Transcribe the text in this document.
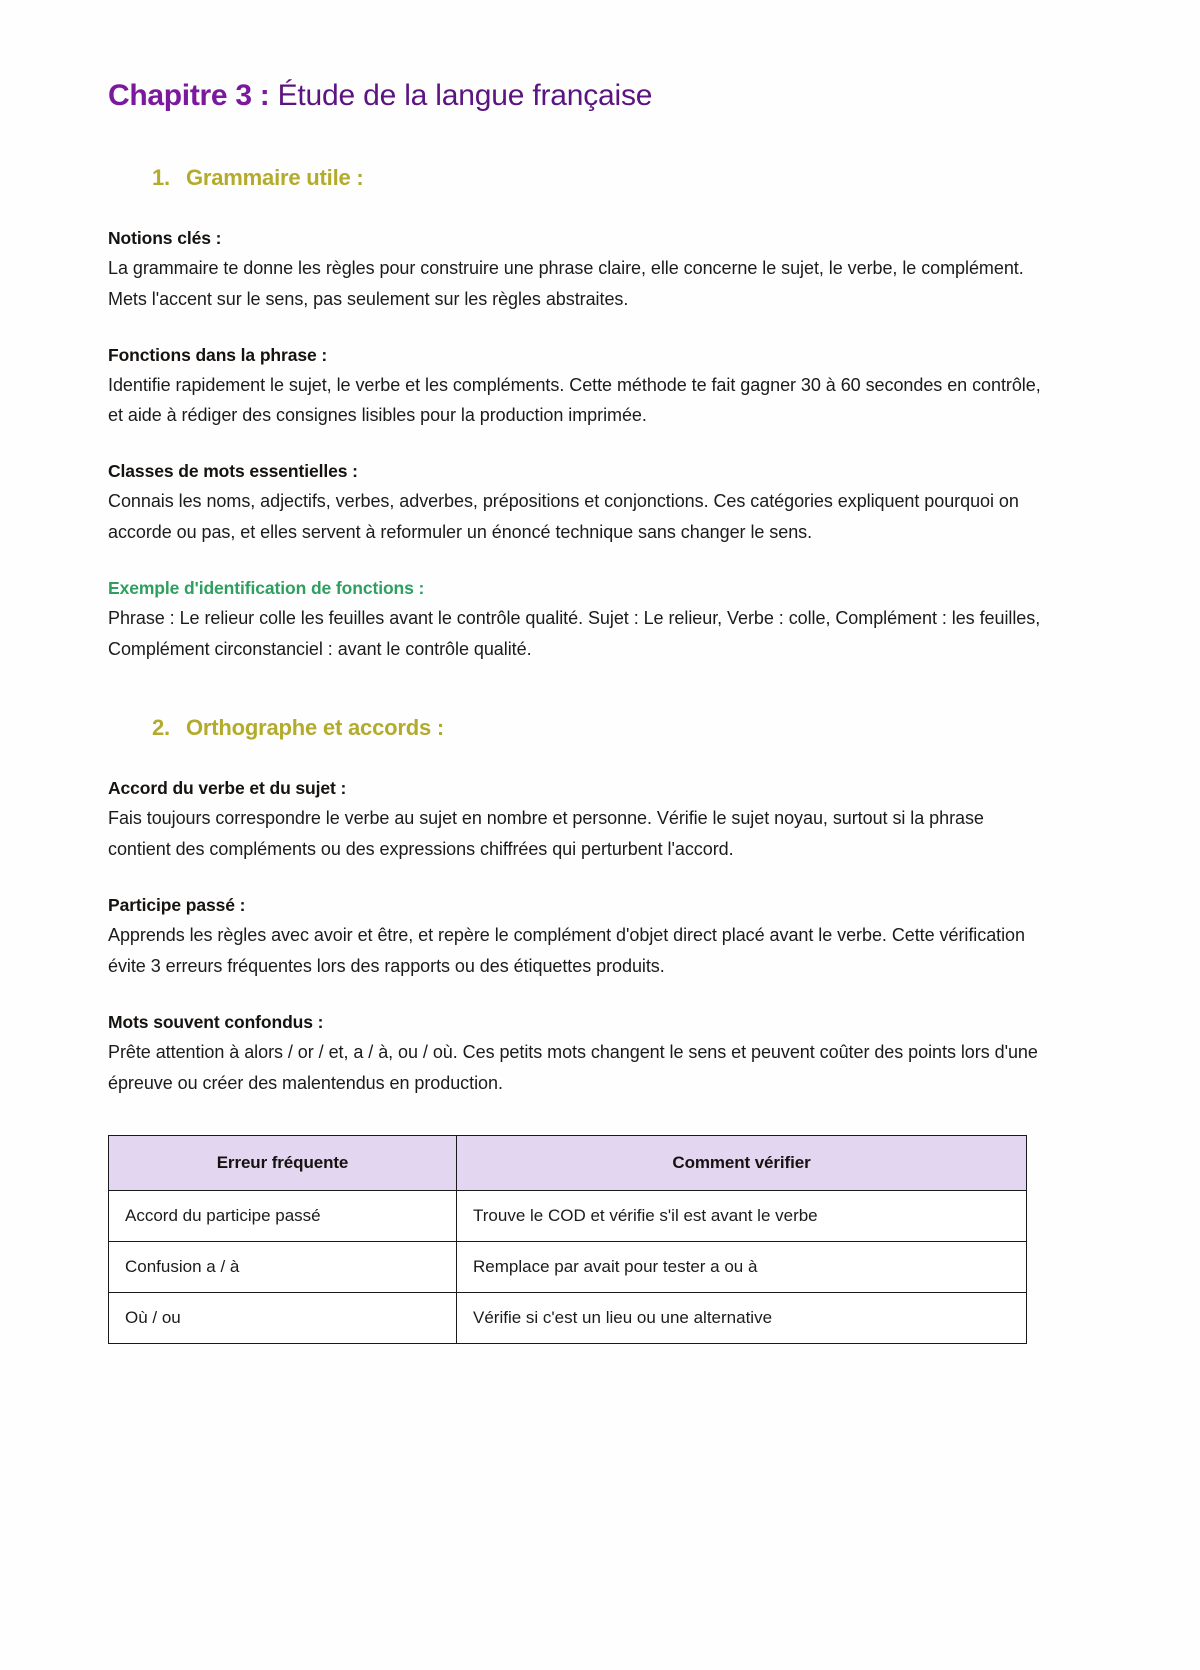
Chapitre 3 : Étude de la langue française
1. Grammaire utile :
Notions clés :

La grammaire te donne les règles pour construire une phrase claire, elle concerne le sujet, le verbe, le complément. Mets l'accent sur le sens, pas seulement sur les règles abstraites.

Fonctions dans la phrase :

Identifie rapidement le sujet, le verbe et les compléments. Cette méthode te fait gagner 30 à 60 secondes en contrôle, et aide à rédiger des consignes lisibles pour la production imprimée.

Classes de mots essentielles :

Connais les noms, adjectifs, verbes, adverbes, prépositions et conjonctions. Ces catégories expliquent pourquoi on accorde ou pas, et elles servent à reformuler un énoncé technique sans changer le sens.

Exemple d'identification de fonctions :

Phrase : Le relieur colle les feuilles avant le contrôle qualité. Sujet : Le relieur, Verbe : colle, Complément : les feuilles, Complément circonstanciel : avant le contrôle qualité.

2. Orthographe et accords :
Accord du verbe et du sujet :

Fais toujours correspondre le verbe au sujet en nombre et personne. Vérifie le sujet noyau, surtout si la phrase contient des compléments ou des expressions chiffrées qui perturbent l'accord.

Participe passé :

Apprends les règles avec avoir et être, et repère le complément d'objet direct placé avant le verbe. Cette vérification évite 3 erreurs fréquentes lors des rapports ou des étiquettes produits.

Mots souvent confondus :

Prête attention à alors / or / et, a / à, ou / où. Ces petits mots changent le sens et peuvent coûter des points lors d'une épreuve ou créer des malentendus en production.

Erreur fréquente	Comment vérifier
Accord du participe passé	Trouve le COD et vérifie s'il est avant le verbe
Confusion a / à	Remplace par avait pour tester a ou à
Où / ou	Vérifie si c'est un lieu ou une alternative
